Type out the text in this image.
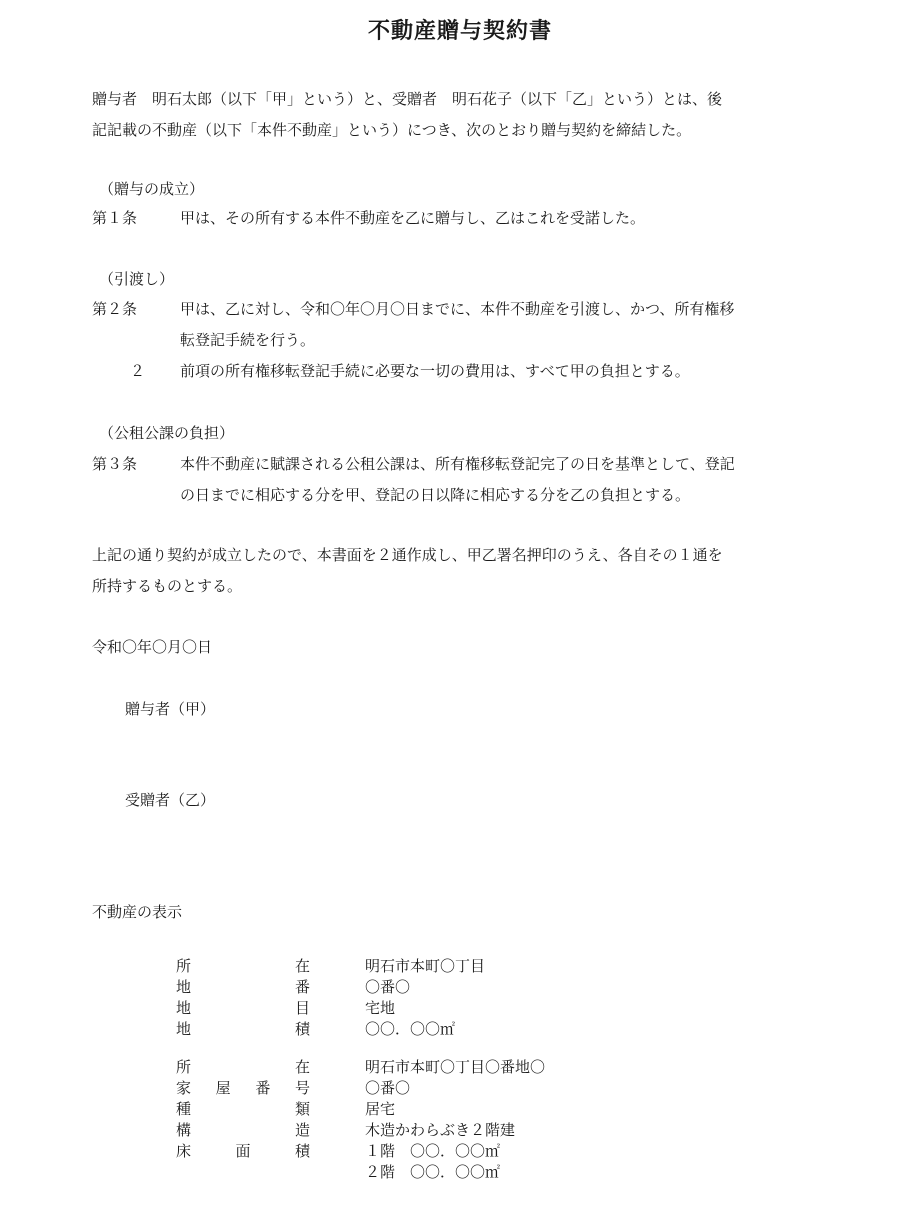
不動産贈与契約書
贈与者　明石太郎（以下「甲」という）と、受贈者　明石花子（以下「乙」という）とは、後
記記載の不動産（以下「本件不動産」という）につき、次のとおり贈与契約を締結した。
（贈与の成立）
第１条	甲は、その所有する本件不動産を乙に贈与し、乙はこれを受諾した。
（引渡し）
第２条	甲は、乙に対し、令和〇年〇月〇日までに、本件不動産を引渡し、かつ、所有権移
転登記手続を行う。
２ 前項の所有権移転登記手続に必要な一切の費用は、すべて甲の負担とする。
（公租公課の負担）
第３条	本件不動産に賦課される公租公課は、所有権移転登記完了の日を基準として、登記
の日までに相応する分を甲、登記の日以降に相応する分を乙の負担とする。
上記の通り契約が成立したので、本書面を２通作成し、甲乙署名押印のうえ、各自その１通を
所持するものとする。
令和〇年〇月〇日
贈与者（甲）
受贈者（乙）
不動産の表示
所	在	明石市本町〇丁目
地	番	〇番〇
地	目	宅地
地	積	〇〇．〇〇㎡
所	在	明石市本町〇丁目〇番地〇
家 屋 番 号	〇番〇
種	類	居宅
構	造	木造かわらぶき２階建
床	面	積	１階　〇〇．〇〇㎡
２階　〇〇．〇〇㎡
